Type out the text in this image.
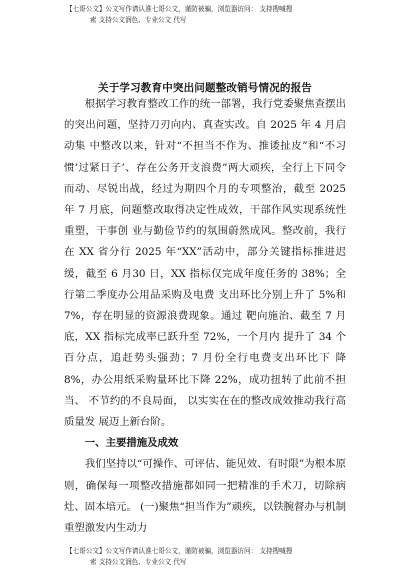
【七哥公文】公文写作请认准七哥公文，谨防被骗，浏览器访问： 支持搜喊搜
索 支持公文润色、专业公文 代写
关于学习教育中突出问题整改销号情况的报告

根据学习教育整改工作的统一部署，我行党委聚焦查摆出的突出问题，坚持刀刃向内、真查实改。自 2025 年 4 月启动集 中整改以来，针对“不担当不作为、推诿扯皮”和“不习惯’过紧日子’、存在公务开支浪费”两大顽疾，全行上下同令而动、尽锐出战，经过为期四个月的专项整治，截至 2025 年 7 月底，问题整改取得决定性成效，干部作风实现系统性重塑，干事创 业与勤俭节约的氛围蔚然成风。整改前，我行在 XX 省分行 2025 年“XX”活动中，部分关键指标推进迟缓，截至 6 月30 日，XX 指标仅完成年度任务的 38%；全行第二季度办公用品采购及电费 支出环比分别上升了 5%和 7%，存在明显的资源浪费现象。通过 靶向施治、截至 7 月底，XX 指标完成率已跃升至 72%，一个月内 提升了 34 个百分点，追赶势头强劲；7 月份全行电费支出环比下 降 8%，办公用纸采购量环比下降 22%，成功扭转了此前不担当、 不节约的不良局面， 以实实在在的整改成效推动我行高质量发 展迈上新台阶。

一、主要措施及成效

我们坚持以“可操作、可评估、能见效、有时限”为根本原则，确保每一项整改措施都如同一把精准的手术刀，切除病灶、固本培元。 (一)聚焦“担当作为”顽疾，以铁腕督办与机制重塑激发内生动力

【七哥公文】公文写作请认准七哥公文，谨防被骗，浏览器访问： 支持搜喊搜
索 支持公文润色、专业公文 代写
